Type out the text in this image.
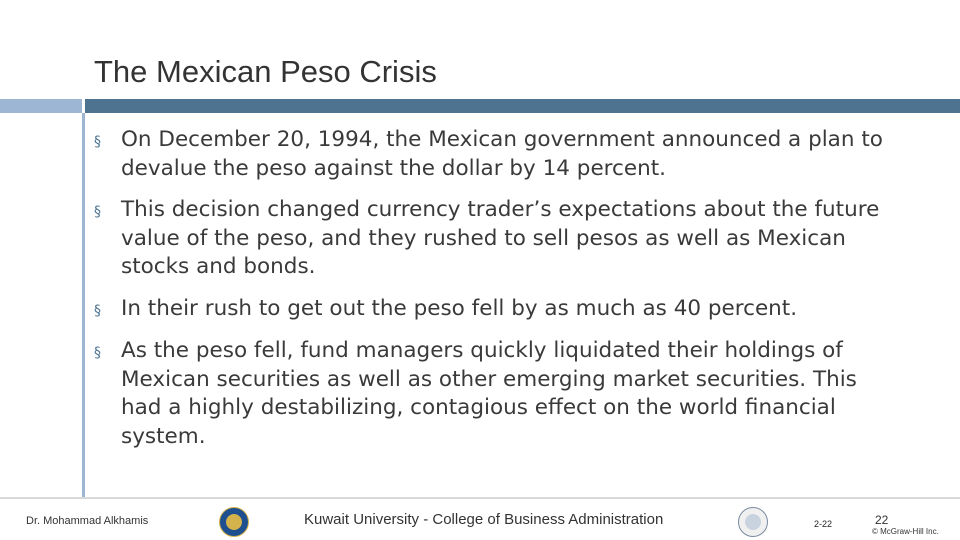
The Mexican Peso Crisis
§ On December 20, 1994, the Mexican government announced a plan to devalue the peso against the dollar by 14 percent.
§ This decision changed currency trader’s expectations about the future value of the peso, and they rushed to sell pesos as well as Mexican stocks and bonds.
§ In their rush to get out the peso fell by as much as 40 percent.
§ As the peso fell, fund managers quickly liquidated their holdings of Mexican securities as well as other emerging market securities. This had a highly destabilizing, contagious effect on the world financial system.
Dr. Mohammad Alkhamis	Kuwait University - College of Business Administration	2-22	22
© McGraw-Hill Inc.
